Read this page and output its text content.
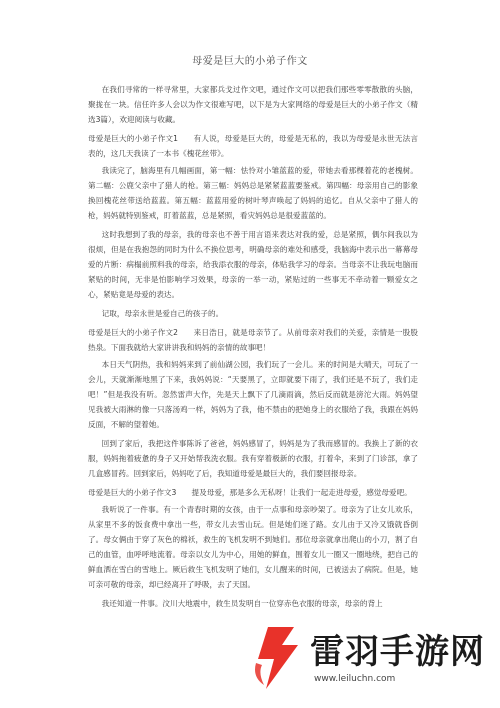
母爱是巨大的小弟子作文

在我们寻常的一样寻常里，大家都兵戈过作文吧，通过作文可以把我们那些零零散散的头脑，聚拢在一块。信任许多人会以为作文很难写吧，以下是为大家网络的母爱是巨大的小弟子作文（精选3篇），欢迎阅读与收藏。

母爱是巨大的小弟子作文1　　有人说，母爱是巨大的，母爱是无私的，我以为母爱是永世无法言表的，这几天我读了一本书《槐花丝带》。

我读完了，脑海里有几幅画面，第一幅：怯怜对小雏蓝蓝的爱，带她去看那棵着花的老槐树。第二幅：公鹿父亲中了猎人的枪。第三幅：妈妈总是紧紧蓝蓝要鉴戒。第四幅：母亲用自己的影象换回槐花丝带送给蓝蓝。第五幅：蓝蓝用爱的树叶琴声唤起了妈妈的追忆。自从父亲中了猎人的枪，妈妈就特别鉴戒，盯着蓝蓝，总是紧照，看灾妈妈总是很爱蓝蓝的。

这时我想到了我的母亲，我的母亲也不善于用言语来表达对我的爱，总是紧照，偶尔间我以为很烦，但是在我抱怨的同时为什么不换位思考，明确母亲的难处和感受，我脑海中表示出一幕幕母爱的片断：病榻前照料我的母亲，给我添衣服的母亲，体贴我学习的母亲。当母亲不让我玩电脑而紧贴的时间，无非是怕影响学习效果，母亲的一举一动，紧贴过的一些事无不牵动着一颗爱女之心，紧贴竟是母爱的表达。

记取，母亲永世是爱自己的孩子的。

母爱是巨大的小弟子作文2　　来日浩日，就是母亲节了。从前母亲对我们的关爱，亲情是一股股热泉。下面我就给大家讲讲我和妈妈的亲情的故事吧！

本日天气阴热，我和妈妈来到了前仙湖公园，我们玩了一会儿。来的时间是大晴天，可玩了一会儿，天就渐渐地黑了下来，我妈妈说：“天要黑了，立即就要下雨了，我们还是不玩了，我们走吧！”但是我没有听。忽然雷声大作，先是天上飘下了几滴雨滴，然后反而就是滂沱大雨。妈妈望见我被大雨淋的像一只落汤鸡一样，妈妈为了我，他不禁由的把她身上的衣服给了我，我跟在妈妈反面，不解的望着她。

回到了家后，我把这件事陈诉了爸爸，妈妈感冒了，妈妈是为了我而感冒的。我换上了新的衣服，妈妈拖着疲惫的身子又开始帮我洗衣服。我有穿着极新的衣服，打着伞，来到了门诊部，拿了几盒感冒药。回到家后，妈妈吃了后，我知道母爱是最巨大的，我们要回报母亲。

母爱是巨大的小弟子作文3　　提及母爱，那是多么无私呀！让我们一起走进母爱，感觉母爱吧。

我听说了一件事。有一个青春时期的女孩，由于一点事和母亲吵架了。母亲为了让女儿欢乐，从家里不多的饭食费中拿出一些，带女儿去雪山玩。但是她们迷了路。女儿由于又冷又饿就昏倒了。母女俩由于穿了灰色的棉袄，救生的飞机发明不到她们。那位母亲就拿出爬山的小刀，割了自己的血管，血呼呼地流着。母亲以女儿为中心，用她的鲜血，围着女儿一圈又一圈地绕，把自己的鲜血洒在雪白的雪地上。厥后救生飞机发明了她们，女儿醒来的时间，已被送去了病院。但是，她可亲可敬的母亲，却已经离开了呼吸，去了天国。

我还知道一件事。汶川大地震中，救生员发明自一位穿赤色衣服的母亲，母亲的背上

雷羽手游网
www.leiluchn.com
